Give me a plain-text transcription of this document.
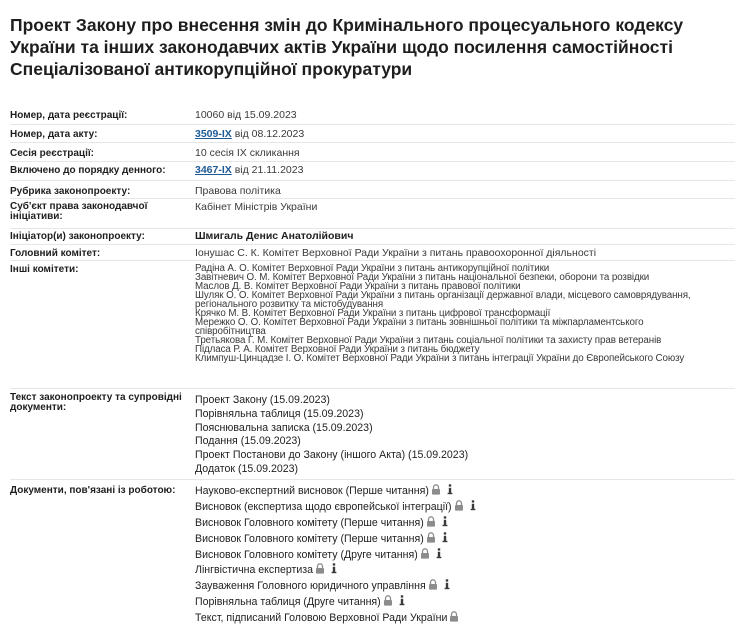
Проект Закону про внесення змін до Кримінального процесуального кодексу України та інших законодавчих актів України щодо посилення самостійності Спеціалізованої антикорупційної прокуратури
Номер, дата реєстрації:	10060 від 15.09.2023
Номер, дата акту:	3509-IX від 08.12.2023
Сесія реєстрації:	10 сесія IX скликання
Включено до порядку денного:	3467-IX від 21.11.2023
Рубрика законопроекту:	Правова політика
Суб'єкт права законодавчої ініціативи:
Кабінет Міністрів України
Ініціатор(и) законопроекту:	Шмигаль Денис Анатолійович
Головний комітет:	Іонушас С. К. Комітет Верховної Ради України з питань правоохоронної діяльності
Інші комітети:	Радіна А. О. Комітет Верховної Ради України з питань антикорупційної політики
Завітневич О. М. Комітет Верховної Ради України з питань національної безпеки, оборони та розвідки
Маслов Д. В. Комітет Верховної Ради України з питань правової політики
Шуляк О. О. Комітет Верховної Ради України з питань організації державної влади, місцевого самоврядування,
регіонального розвитку та містобудування
Крячко М. В. Комітет Верховної Ради України з питань цифрової трансформації
Мережко О. О. Комітет Верховної Ради України з питань зовнішньої політики та міжпарламентського
співробітництва
Третьякова Г. М. Комітет Верховної Ради України з питань соціальної політики та захисту прав ветеранів
Підласа Р. А. Комітет Верховної Ради України з питань бюджету
Климпуш-Цинцадзе І. О. Комітет Верховної Ради України з питань інтеграції України до Європейського Союзу
Текст законопроекту та супровідні документи:
Проект Закону (15.09.2023)
Порівняльна таблиця (15.09.2023)
Пояснювальна записка (15.09.2023)
Подання (15.09.2023)
Проект Постанови до Закону (іншого Акта) (15.09.2023)
Додаток (15.09.2023)
Документи, пов'язані із роботою:	Науково-експертний висновок (Перше читання)
Висновок (експертиза щодо європейської інтеграції)
Висновок Головного комітету (Перше читання)
Висновок Головного комітету (Перше читання)
Висновок Головного комітету (Друге читання)
Лінгвістична експертиза
Зауваження Головного юридичного управління
Порівняльна таблиця (Друге читання)
Текст, підписаний Головою Верховної Ради України
